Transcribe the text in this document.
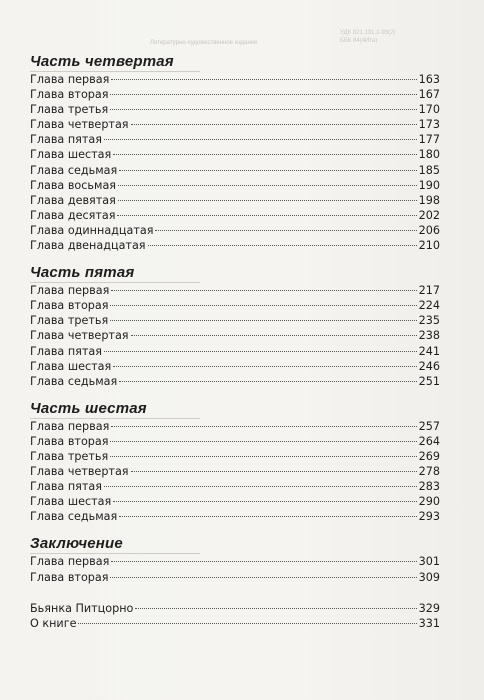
УДК 821.131.1-93(2)
ББК 84(4Ита)
Литературно-художественное издание
Часть четвертая
Глава первая	163
Глава вторая	167
Глава третья	170
Глава четвертая	173
Глава пятая	177
Глава шестая	180
Глава седьмая	185
Глава восьмая	190
Глава девятая	198
Глава десятая	202
Глава одиннадцатая	206
Глава двенадцатая	210
Часть пятая
Глава первая	217
Глава вторая	224
Глава третья	235
Глава четвертая	238
Глава пятая	241
Глава шестая	246
Глава седьмая	251
Часть шестая
Глава первая	257
Глава вторая	264
Глава третья	269
Глава четвертая	278
Глава пятая	283
Глава шестая	290
Глава седьмая	293
Заключение
Глава первая	301
Глава вторая	309
Бьянка Питцорно	329
О книге	331
